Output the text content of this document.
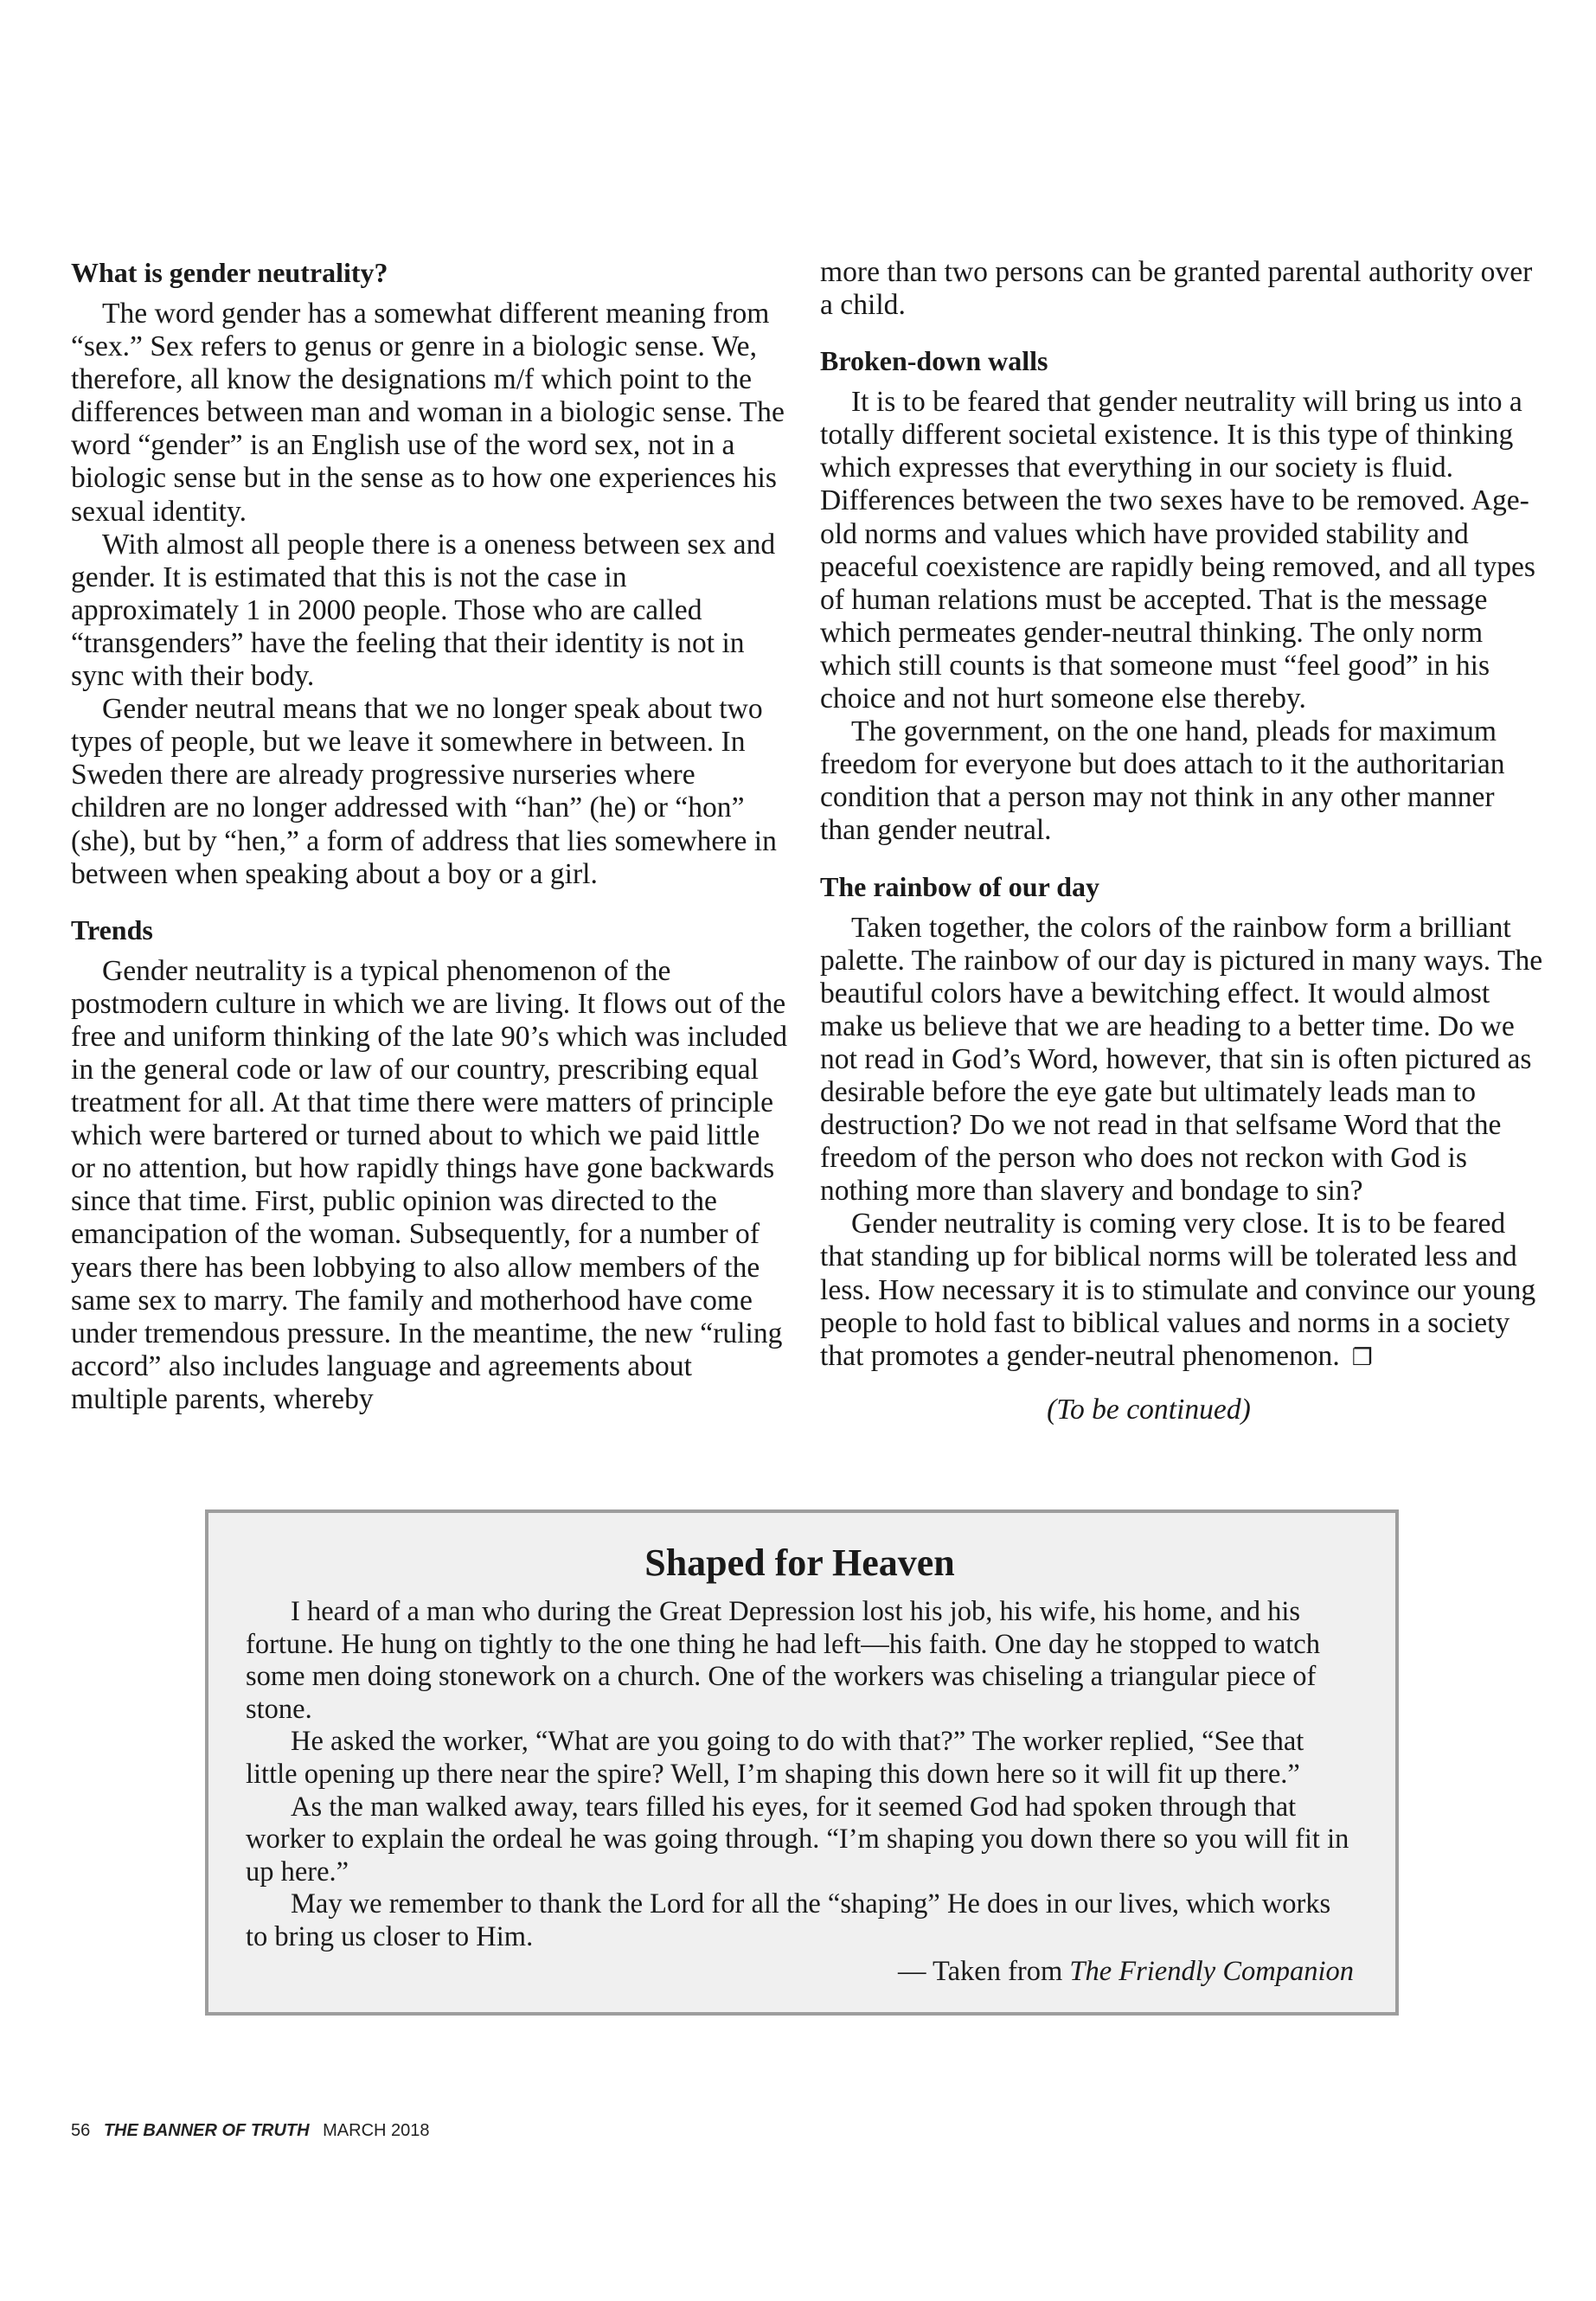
What is gender neutrality?

The word gender has a somewhat different meaning from “sex.” Sex refers to genus or genre in a biologic sense. We, therefore, all know the designations m/f which point to the differences between man and woman in a biologic sense. The word “gender” is an English use of the word sex, not in a biologic sense but in the sense as to how one experiences his sexual identity.

With almost all people there is a oneness between sex and gender. It is estimated that this is not the case in approximately 1 in 2000 people. Those who are called “transgenders” have the feeling that their identity is not in sync with their body.

Gender neutral means that we no longer speak about two types of people, but we leave it somewhere in between. In Sweden there are already progressive nurseries where children are no longer addressed with “han” (he) or “hon” (she), but by “hen,” a form of address that lies somewhere in between when speaking about a boy or a girl.

Trends

Gender neutrality is a typical phenomenon of the postmodern culture in which we are living. It flows out of the free and uniform thinking of the late 90’s which was included in the general code or law of our country, prescribing equal treatment for all. At that time there were matters of principle which were bartered or turned about to which we paid little or no attention, but how rapidly things have gone backwards since that time. First, public opinion was directed to the emancipation of the woman. Subsequently, for a number of years there has been lobbying to also allow members of the same sex to marry. The family and motherhood have come under tremendous pressure. In the meantime, the new “ruling accord” also includes language and agreements about multiple parents, whereby

more than two persons can be granted parental authority over a child.

Broken-down walls

It is to be feared that gender neutrality will bring us into a totally different societal existence. It is this type of thinking which expresses that everything in our society is fluid. Differences between the two sexes have to be removed. Age-old norms and values which have provided stability and peaceful coexistence are rapidly being removed, and all types of human relations must be accepted. That is the message which permeates gender-neutral thinking. The only norm which still counts is that someone must “feel good” in his choice and not hurt someone else thereby.

The government, on the one hand, pleads for maximum freedom for everyone but does attach to it the authoritarian condition that a person may not think in any other manner than gender neutral.

The rainbow of our day

Taken together, the colors of the rainbow form a brilliant palette. The rainbow of our day is pictured in many ways. The beautiful colors have a bewitching effect. It would almost make us believe that we are heading to a better time. Do we not read in God’s Word, however, that sin is often pictured as desirable before the eye gate but ultimately leads man to destruction? Do we not read in that selfsame Word that the freedom of the person who does not reckon with God is nothing more than slavery and bondage to sin?

Gender neutrality is coming very close. It is to be feared that standing up for biblical norms will be tolerated less and less. How necessary it is to stimulate and convince our young people to hold fast to biblical values and norms in a society that promotes a gender-neutral phenomenon. ❐

(To be continued)
Shaped for Heaven

I heard of a man who during the Great Depression lost his job, his wife, his home, and his fortune. He hung on tightly to the one thing he had left—his faith. One day he stopped to watch some men doing stonework on a church. One of the workers was chiseling a triangular piece of stone.

He asked the worker, “What are you going to do with that?” The worker replied, “See that little opening up there near the spire? Well, I’m shaping this down here so it will fit up there.”

As the man walked away, tears filled his eyes, for it seemed God had spoken through that worker to explain the ordeal he was going through. “I’m shaping you down there so you will fit in up here.”

May we remember to thank the Lord for all the “shaping” He does in our lives, which works to bring us closer to Him.

— Taken from The Friendly Companion
56 THE BANNER OF TRUTH MARCH 2018
